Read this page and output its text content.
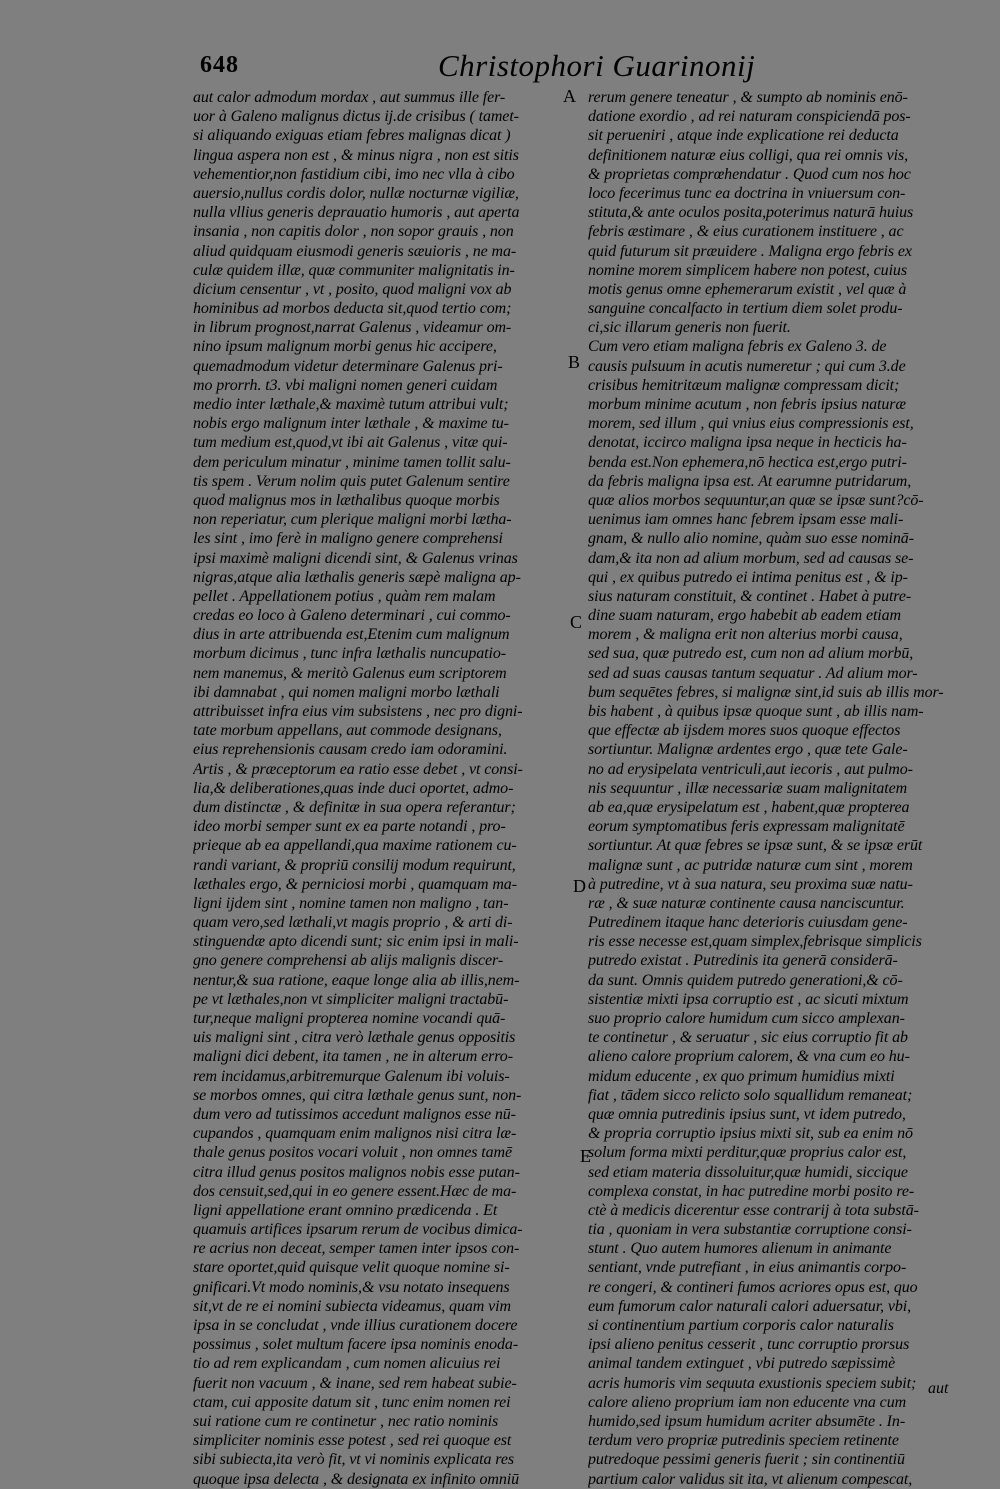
648	Christophori Guarinonij
aut calor admodum mordax , aut summus ille fer-
uor à Galeno malignus dictus ij.de crisibus ( tamet-
si aliquando exiguas etiam febres malignas dicat )
lingua aspera non est , & minus nigra , non est sitis
vehementior,non fastidium cibi, imo nec vlla à cibo
auersio,nullus cordis dolor, nullæ nocturnæ vigiliæ,
nulla vllius generis deprauatio humoris , aut aperta
insania , non capitis dolor , non sopor grauis , non
aliud quidquam eiusmodi generis sæuioris , ne ma-
culæ quidem illæ, quæ communiter malignitatis in-
dicium censentur , vt , posito, quod maligni vox ab
hominibus ad morbos deducta sit,quod tertio com;
in librum prognost,narrat Galenus , videamur om-
nino ipsum malignum morbi genus hic accipere,
quemadmodum videtur determinare Galenus pri-
mo prorrh. t3. vbi maligni nomen generi cuidam
medio inter læthale,& maximè tutum attribui vult;
nobis ergo malignum inter læthale , & maxime tu-
tum medium est,quod,vt ibi ait Galenus , vitæ qui-
dem periculum minatur , minime tamen tollit salu-
tis spem . Verum nolim quis putet Galenum sentire
quod malignus mos in læthalibus quoque morbis
non reperiatur, cum plerique maligni morbi lætha-
les sint , imo ferè in maligno genere comprehensi
ipsi maximè maligni dicendi sint, & Galenus vrinas
nigras,atque alia læthalis generis sæpè maligna ap-
pellet . Appellationem potius , quàm rem malam
credas eo loco à Galeno determinari , cui commo-
dius in arte attribuenda est,Etenim cum malignum
morbum dicimus , tunc infra læthalis nuncupatio-
nem manemus, & meritò Galenus eum scriptorem
ibi damnabat , qui nomen maligni morbo læthali
attribuisset infra eius vim subsistens , nec pro digni-
tate morbum appellans, aut commode designans,
eius reprehensionis causam credo iam odoramini.
Artis , & præceptorum ea ratio esse debet , vt consi-
lia,& deliberationes,quas inde duci oportet, admo-
dum distinctæ , & definitæ in sua opera referantur;
ideo morbi semper sunt ex ea parte notandi , pro-
prieque ab ea appellandi,qua maxime rationem cu-
randi variant, & propriū consilij modum requirunt,
læthales ergo, & perniciosi morbi , quamquam ma-
ligni ijdem sint , nomine tamen non maligno , tan-
quam vero,sed læthali,vt magis proprio , & arti di-
stinguendæ apto dicendi sunt; sic enim ipsi in mali-
gno genere comprehensi ab alijs malignis discer-
nentur,& sua ratione, eaque longe alia ab illis,nem-
pe vt læthales,non vt simpliciter maligni tractabū-
tur,neque maligni propterea nomine vocandi quā-
uis maligni sint , citra verò læthale genus oppositis
maligni dici debent, ita tamen , ne in alterum erro-
rem incidamus,arbitremurque Galenum ibi voluis-
se morbos omnes, qui citra læthale genus sunt, non-
dum vero ad tutissimos accedunt malignos esse nū-
cupandos , quamquam enim malignos nisi citra læ-
thale genus positos vocari voluit , non omnes tamē
citra illud genus positos malignos nobis esse putan-
dos censuit,sed,qui in eo genere essent.Hæc de ma-
ligni appellatione erant omnino prædicenda . Et
quamuis artifices ipsarum rerum de vocibus dimica-
re acrius non deceat, semper tamen inter ipsos con-
stare oportet,quid quisque velit quoque nomine si-
gnificari.Vt modo nominis,& vsu notato insequens
sit,vt de re ei nomini subiecta videamus, quam vim
ipsa in se concludat , vnde illius curationem docere
possimus , solet multum facere ipsa nominis enoda-
tio ad rem explicandam , cum nomen alicuius rei
fuerit non vacuum , & inane, sed rem habeat subie-
ctam, cui apposite datum sit , tunc enim nomen rei
sui ratione cum re continetur , nec ratio nominis
simpliciter nominis esse potest , sed rei quoque est
sibi subiecta,ita verò fit, vt vi nominis explicata res
quoque ipsa delecta , & designata ex infinito omniū
rerum genere teneatur , & sumpto ab nominis enō-
datione exordio , ad rei naturam conspiciendā pos-
sit perueniri , atque inde explicatione rei deducta
definitionem naturæ eius colligi, qua rei omnis vis,
& proprietas comprœhendatur . Quod cum nos hoc
loco fecerimus tunc ea doctrina in vniuersum con-
stituta,& ante oculos posita,poterimus naturā huius
febris æstimare , & eius curationem instituere , ac
quid futurum sit præuidere . Maligna ergo febris ex
nomine morem simplicem habere non potest, cuius
motis genus omne ephemerarum existit , vel quæ à
sanguine concalfacto in tertium diem solet produ-
ci,sic illarum generis non fuerit.
Cum vero etiam maligna febris ex Galeno 3. de
causis pulsuum in acutis numeretur ; qui cum 3.de
crisibus hemitritæum malignæ compressam dicit;
morbum minime acutum , non febris ipsius naturæ
morem, sed illum , qui vnius eius compressionis est,
denotat, iccirco maligna ipsa neque in hecticis ha-
benda est.Non ephemera,nō hectica est,ergo putri-
da febris maligna ipsa est. At earumne putridarum,
quæ alios morbos sequuntur,an quæ se ipsæ sunt?cō-
uenimus iam omnes hanc febrem ipsam esse mali-
gnam, & nullo alio nomine, quàm suo esse nominā-
dam,& ita non ad alium morbum, sed ad causas se-
qui , ex quibus putredo ei intima penitus est , & ip-
sius naturam constituit, & continet . Habet à putre-
dine suam naturam, ergo habebit ab eadem etiam
morem , & maligna erit non alterius morbi causa,
sed sua, quæ putredo est, cum non ad alium morbū,
sed ad suas causas tantum sequatur . Ad alium mor-
bum sequētes febres, si malignæ sint,id suis ab illis mor-
bis habent , à quibus ipsæ quoque sunt , ab illis nam-
que effectæ ab ijsdem mores suos quoque effectos
sortiuntur. Malignæ ardentes ergo , quæ tete Gale-
no ad erysipelata ventriculi,aut iecoris , aut pulmo-
nis sequuntur , illæ necessariæ suam malignitatem
ab ea,quæ erysipelatum est , habent,quæ propterea
eorum symptomatibus feris expressam malignitatē
sortiuntur. At quæ febres se ipsæ sunt, & se ipsæ erūt
malignæ sunt , ac putridæ naturæ cum sint , morem
à putredine, vt à sua natura, seu proxima suæ natu-
ræ , & suæ naturæ continente causa nanciscuntur.
Putredinem itaque hanc deterioris cuiusdam gene-
ris esse necesse est,quam simplex,febrisque simplicis
putredo existat . Putredinis ita generā considerā-
da sunt. Omnis quidem putredo generationi,& cō-
sistentiæ mixti ipsa corruptio est , ac sicuti mixtum
suo proprio calore humidum cum sicco amplexan-
te continetur , & seruatur , sic eius corruptio fit ab
alieno calore proprium calorem, & vna cum eo hu-
midum educente , ex quo primum humidius mixti
fiat , tādem sicco relicto solo squallidum remaneat;
quæ omnia putredinis ipsius sunt, vt idem putredo,
& propria corruptio ipsius mixti sit, sub ea enim nō
solum forma mixti perditur,quæ proprius calor est,
sed etiam materia dissoluitur,quæ humidi, siccique
complexa constat, in hac putredine morbi posito re-
ctè à medicis dicerentur esse contrarij à tota substā-
tia , quoniam in vera substantiæ corruptione consi-
stunt . Quo autem humores alienum in animante
sentiant, vnde putrefiant , in eius animantis corpo-
re congeri, & contineri fumos acriores opus est, quo
eum fumorum calor naturali calori aduersatur, vbi,
si continentium partium corporis calor naturalis
ipsi alieno penitus cesserit , tunc corruptio prorsus
animal tandem extinguet , vbi putredo sæpissimè
acris humoris vim sequuta exustionis speciem subit;
calore alieno proprium iam non educente vna cum
humido,sed ipsum humidum acriter absumēte . In-
terdum vero propriæ putredinis speciem retinente
putredoque pessimi generis fuerit ; sin continentiū
partium calor validus sit ita, vt alienum compescat,
A
B
C
D
E
aut
